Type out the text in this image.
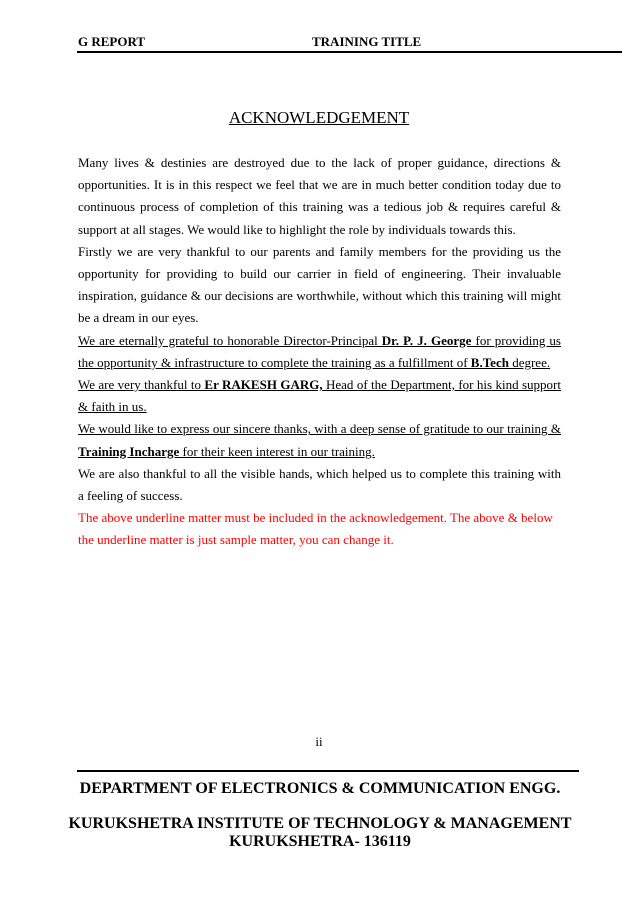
G REPORT	TRAINING TITLE
ACKNOWLEDGEMENT

Many lives & destinies are destroyed due to the lack of proper guidance, directions & opportunities. It is in this respect we feel that we are in much better condition today due to continuous process of completion of this training was a tedious job & requires careful & support at all stages. We would like to highlight the role by individuals towards this.

Firstly we are very thankful to our parents and family members for the providing us the opportunity for providing to build our carrier in field of engineering. Their invaluable inspiration, guidance & our decisions are worthwhile, without which this training will might be a dream in our eyes.

We are eternally grateful to honorable Director-Principal Dr. P. J. George for providing us the opportunity & infrastructure to complete the training as a fulfillment of B.Tech degree.

We are very thankful to Er RAKESH GARG, Head of the Department, for his kind support & faith in us.

We would like to express our sincere thanks, with a deep sense of gratitude to our training & Training Incharge for their keen interest in our training.

We are also thankful to all the visible hands, which helped us to complete this training with a feeling of success.

The above underline matter must be included in the acknowledgement. The above & below the underline matter is just sample matter, you can change it.

ii
DEPARTMENT OF ELECTRONICS & COMMUNICATION ENGG.
KURUKSHETRA INSTITUTE OF TECHNOLOGY & MANAGEMENT
KURUKSHETRA- 136119
